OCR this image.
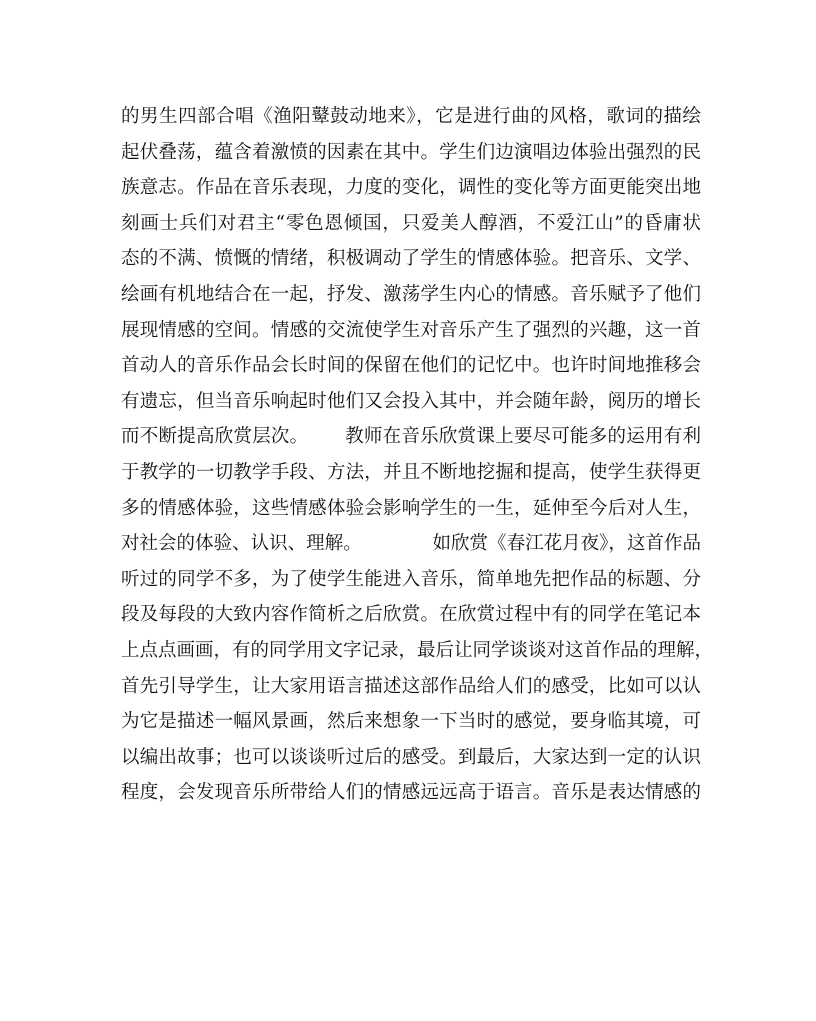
的男生四部合唱《渔阳鼙鼓动地来》，它是进行曲的风格，歌词的描绘
起伏叠荡，蕴含着激愤的因素在其中。学生们边演唱边体验出强烈的民
族意志。作品在音乐表现，力度的变化，调性的变化等方面更能突出地
刻画士兵们对君主“零色恩倾国，只爱美人醇酒，不爱江山”的昏庸状
态的不满、愤慨的情绪，积极调动了学生的情感体验。把音乐、文学、
绘画有机地结合在一起，抒发、激荡学生内心的情感。音乐赋予了他们
展现情感的空间。情感的交流使学生对音乐产生了强烈的兴趣，这一首
首动人的音乐作品会长时间的保留在他们的记忆中。也许时间地推移会
有遗忘，但当音乐响起时他们又会投入其中，并会随年龄，阅历的增长
而不断提高欣赏层次。      教师在音乐欣赏课上要尽可能多的运用有利
于教学的一切教学手段、方法，并且不断地挖掘和提高，使学生获得更
多的情感体验，这些情感体验会影响学生的一生，延伸至今后对人生，
对社会的体验、认识、理解。            如欣赏《春江花月夜》，这首作品
听过的同学不多，为了使学生能进入音乐，简单地先把作品的标题、分
段及每段的大致内容作简析之后欣赏。在欣赏过程中有的同学在笔记本
上点点画画，有的同学用文字记录，最后让同学谈谈对这首作品的理解，
首先引导学生，让大家用语言描述这部作品给人们的感受，比如可以认
为它是描述一幅风景画，然后来想象一下当时的感觉，要身临其境，可
以编出故事；也可以谈谈听过后的感受。到最后，大家达到一定的认识
程度，会发现音乐所带给人们的情感远远高于语言。音乐是表达情感的
